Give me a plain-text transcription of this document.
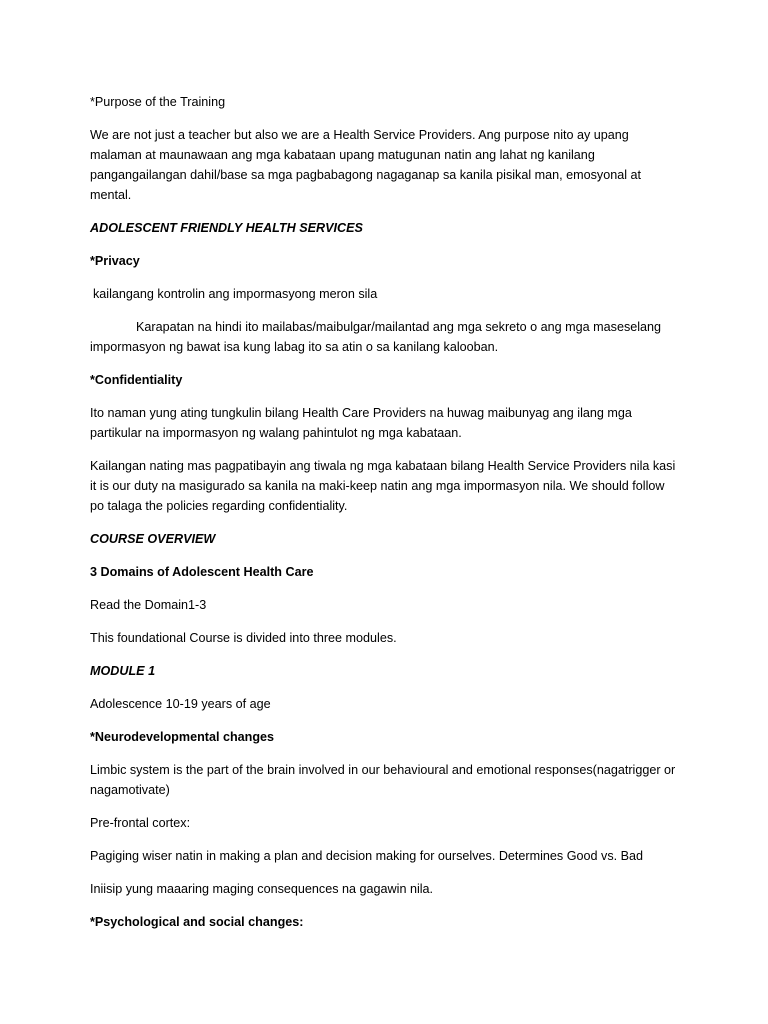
*Purpose of the Training

We are not just a teacher but also we are a Health Service Providers. Ang purpose nito ay upang malaman at maunawaan ang mga kabataan upang matugunan natin ang lahat ng kanilang pangangailangan dahil/base sa mga pagbabagong nagaganap sa kanila pisikal man, emosyonal at mental.

ADOLESCENT FRIENDLY HEALTH SERVICES

*Privacy

kailangang kontrolin ang impormasyong meron sila

Karapatan na hindi ito mailabas/maibulgar/mailantad ang mga sekreto o ang mga maseselang impormasyon ng bawat isa kung labag ito sa atin o sa kanilang kalooban.

*Confidentiality

Ito naman yung ating tungkulin bilang Health Care Providers na huwag maibunyag ang ilang mga partikular na impormasyon ng walang pahintulot ng mga kabataan.

Kailangan nating mas pagpatibayin ang tiwala ng mga kabataan bilang Health Service Providers nila kasi it is our duty na masigurado sa kanila na maki-keep natin ang mga impormasyon nila. We should follow po talaga the policies regarding confidentiality.

COURSE OVERVIEW

3 Domains of Adolescent Health Care

Read the Domain1-3

This foundational Course is divided into three modules.

MODULE 1

Adolescence 10-19 years of age

*Neurodevelopmental changes

Limbic system is the part of the brain involved in our behavioural and emotional responses(nagatrigger or nagamotivate)

Pre-frontal cortex:

Pagiging wiser natin in making a plan and decision making for ourselves. Determines Good vs. Bad

Iniisip yung maaaring maging consequences na gagawin nila.

*Psychological and social changes:
